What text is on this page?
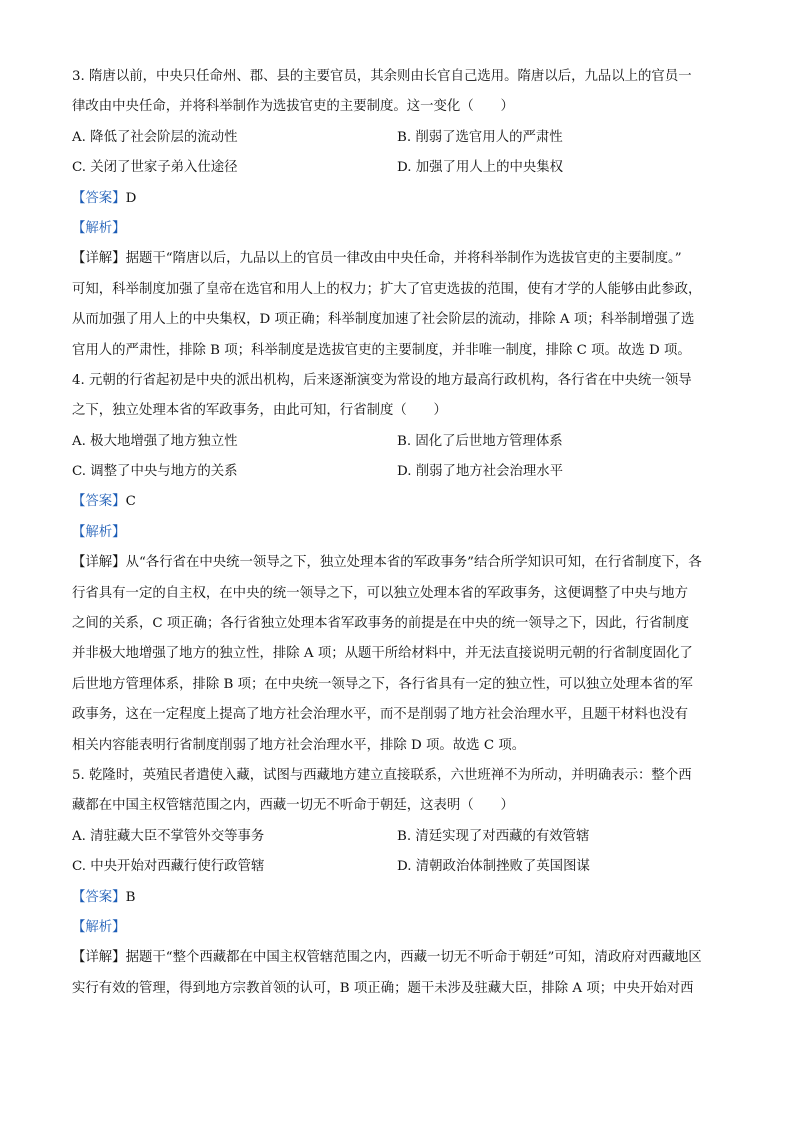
3. 隋唐以前，中央只任命州、郡、县的主要官员，其余则由长官自己选用。隋唐以后，九品以上的官员一
律改由中央任命，并将科举制作为选拔官吏的主要制度。这一变化（　　）
A. 降低了社会阶层的流动性	B. 削弱了选官用人的严肃性
C. 关闭了世家子弟入仕途径	D. 加强了用人上的中央集权
【答案】D
【解析】
【详解】据题干“隋唐以后，九品以上的官员一律改由中央任命，并将科举制作为选拔官吏的主要制度。”
可知，科举制度加强了皇帝在选官和用人上的权力；扩大了官吏选拔的范围，使有才学的人能够由此参政，
从而加强了用人上的中央集权，D 项正确；科举制度加速了社会阶层的流动，排除 A 项；科举制增强了选
官用人的严肃性，排除 B 项；科举制度是选拔官吏的主要制度，并非唯一制度，排除 C 项。故选 D 项。
4. 元朝的行省起初是中央的派出机构，后来逐渐演变为常设的地方最高行政机构，各行省在中央统一领导
之下，独立处理本省的军政事务，由此可知，行省制度（　　）
A. 极大地增强了地方独立性	B. 固化了后世地方管理体系
C. 调整了中央与地方的关系	D. 削弱了地方社会治理水平
【答案】C
【解析】
【详解】从“各行省在中央统一领导之下，独立处理本省的军政事务”结合所学知识可知，在行省制度下，各
行省具有一定的自主权，在中央的统一领导之下，可以独立处理本省的军政事务，这便调整了中央与地方
之间的关系，C 项正确；各行省独立处理本省军政事务的前提是在中央的统一领导之下，因此，行省制度
并非极大地增强了地方的独立性，排除 A 项；从题干所给材料中，并无法直接说明元朝的行省制度固化了
后世地方管理体系，排除 B 项；在中央统一领导之下，各行省具有一定的独立性，可以独立处理本省的军
政事务，这在一定程度上提高了地方社会治理水平，而不是削弱了地方社会治理水平，且题干材料也没有
相关内容能表明行省制度削弱了地方社会治理水平，排除 D 项。故选 C 项。
5. 乾隆时，英殖民者遣使入藏，试图与西藏地方建立直接联系，六世班禅不为所动，并明确表示：整个西
藏都在中国主权管辖范围之内，西藏一切无不听命于朝廷，这表明（　　）
A. 清驻藏大臣不掌管外交等事务	B. 清廷实现了对西藏的有效管辖
C. 中央开始对西藏行使行政管辖	D. 清朝政治体制挫败了英国图谋
【答案】B
【解析】
【详解】据题干“整个西藏都在中国主权管辖范围之内，西藏一切无不听命于朝廷”可知，清政府对西藏地区
实行有效的管理，得到地方宗教首领的认可，B 项正确；题干未涉及驻藏大臣，排除 A 项；中央开始对西
